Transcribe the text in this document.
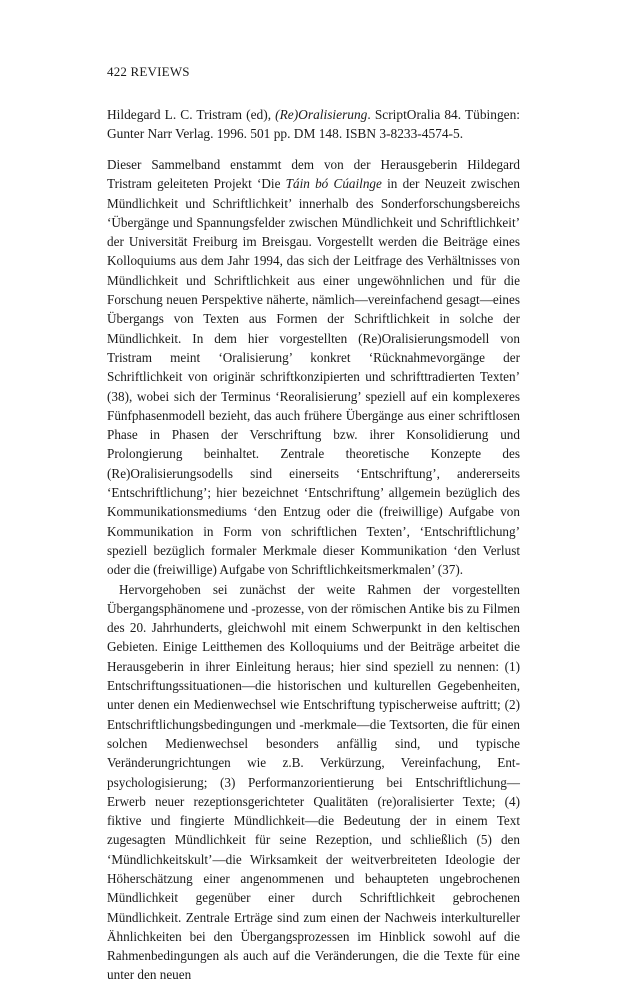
422 REVIEWS
Hildegard L. C. Tristram (ed), (Re)Oralisierung. ScriptOralia 84. Tübingen: Gunter Narr Verlag. 1996. 501 pp. DM 148. ISBN 3-8233-4574-5.

Dieser Sammelband enstammt dem von der Herausgeberin Hildegard Tristram geleiteten Projekt ‘Die Táin bó Cúailnge in der Neuzeit zwischen Mündlichkeit und Schriftlichkeit’ innerhalb des Sonderforschungsbereichs ‘Übergänge und Spannungsfelder zwischen Mündlichkeit und Schriftlichkeit’ der Universität Freiburg im Breisgau. Vorgestellt werden die Beiträge eines Kolloquiums aus dem Jahr 1994, das sich der Leitfrage des Verhältnisses von Mündlichkeit und Schriftlichkeit aus einer ungewöhnlichen und für die Forschung neuen Perspektive näherte, nämlich—vereinfachend gesagt—eines Übergangs von Texten aus Formen der Schriftlichkeit in solche der Mündlichkeit. In dem hier vorgestellten (Re)Oralisierungsmodell von Tristram meint ‘Oralisierung’ konkret ‘Rücknahmevorgänge der Schriftlichkeit von originär schriftkonzipierten und schrifttradierten Texten’ (38), wobei sich der Terminus ‘Reoralisierung’ speziell auf ein komplexeres Fünfphasenmodell bezieht, das auch frühere Übergänge aus einer schriftlosen Phase in Phasen der Verschriftung bzw. ihrer Konsolidierung und Prolongierung beinhaltet. Zentrale theoretische Konzepte des (Re)Oralisierungsodells sind einerseits ‘Entschriftung’, andererseits ‘Entschriftlichung’; hier bezeichnet ‘Entschriftung’ allgemein bezüglich des Kommunikationsmediums ‘den Entzug oder die (freiwillige) Aufgabe von Kommunikation in Form von schriftlichen Texten’, ‘Entschriftlichung’ speziell bezüglich formaler Merkmale dieser Kommunikation ‘den Verlust oder die (freiwillige) Aufgabe von Schriftlichkeitsmerkmalen’ (37).

Hervorgehoben sei zunächst der weite Rahmen der vorgestellten Übergangsphänomene und -prozesse, von der römischen Antike bis zu Filmen des 20. Jahrhunderts, gleichwohl mit einem Schwerpunkt in den keltischen Gebieten. Einige Leitthemen des Kolloquiums und der Beiträge arbeitet die Herausgeberin in ihrer Einleitung heraus; hier sind speziell zu nennen: (1) Entschriftungssituationen—die historischen und kulturellen Gegebenheiten, unter denen ein Medienwechsel wie Entschriftung typischerweise auftritt; (2) Entschriftlichungsbedingungen und -merkmale—die Textsorten, die für einen solchen Medienwechsel besonders anfällig sind, und typische Veränderungrichtungen wie z.B. Verkürzung, Vereinfachung, Entpsychologisierung; (3) Performanzorientierung bei Entschriftlichung—Erwerb neuer rezeptionsgerichteter Qualitäten (re)oralisierter Texte; (4) fiktive und fingierte Mündlichkeit—die Bedeutung der in einem Text zugesagten Mündlichkeit für seine Rezeption, und schließlich (5) den ‘Mündlichkeitskult’—die Wirksamkeit der weitverbreiteten Ideologie der Höherschätzung einer angenommenen und behaupteten ungebrochenen Mündlichkeit gegenüber einer durch Schriftlichkeit gebrochenen Mündlichkeit. Zentrale Erträge sind zum einen der Nachweis interkultureller Ähnlichkeiten bei den Übergangsprozessen im Hinblick sowohl auf die Rahmenbedingungen als auch auf die Veränderungen, die die Texte für eine unter den neuen
